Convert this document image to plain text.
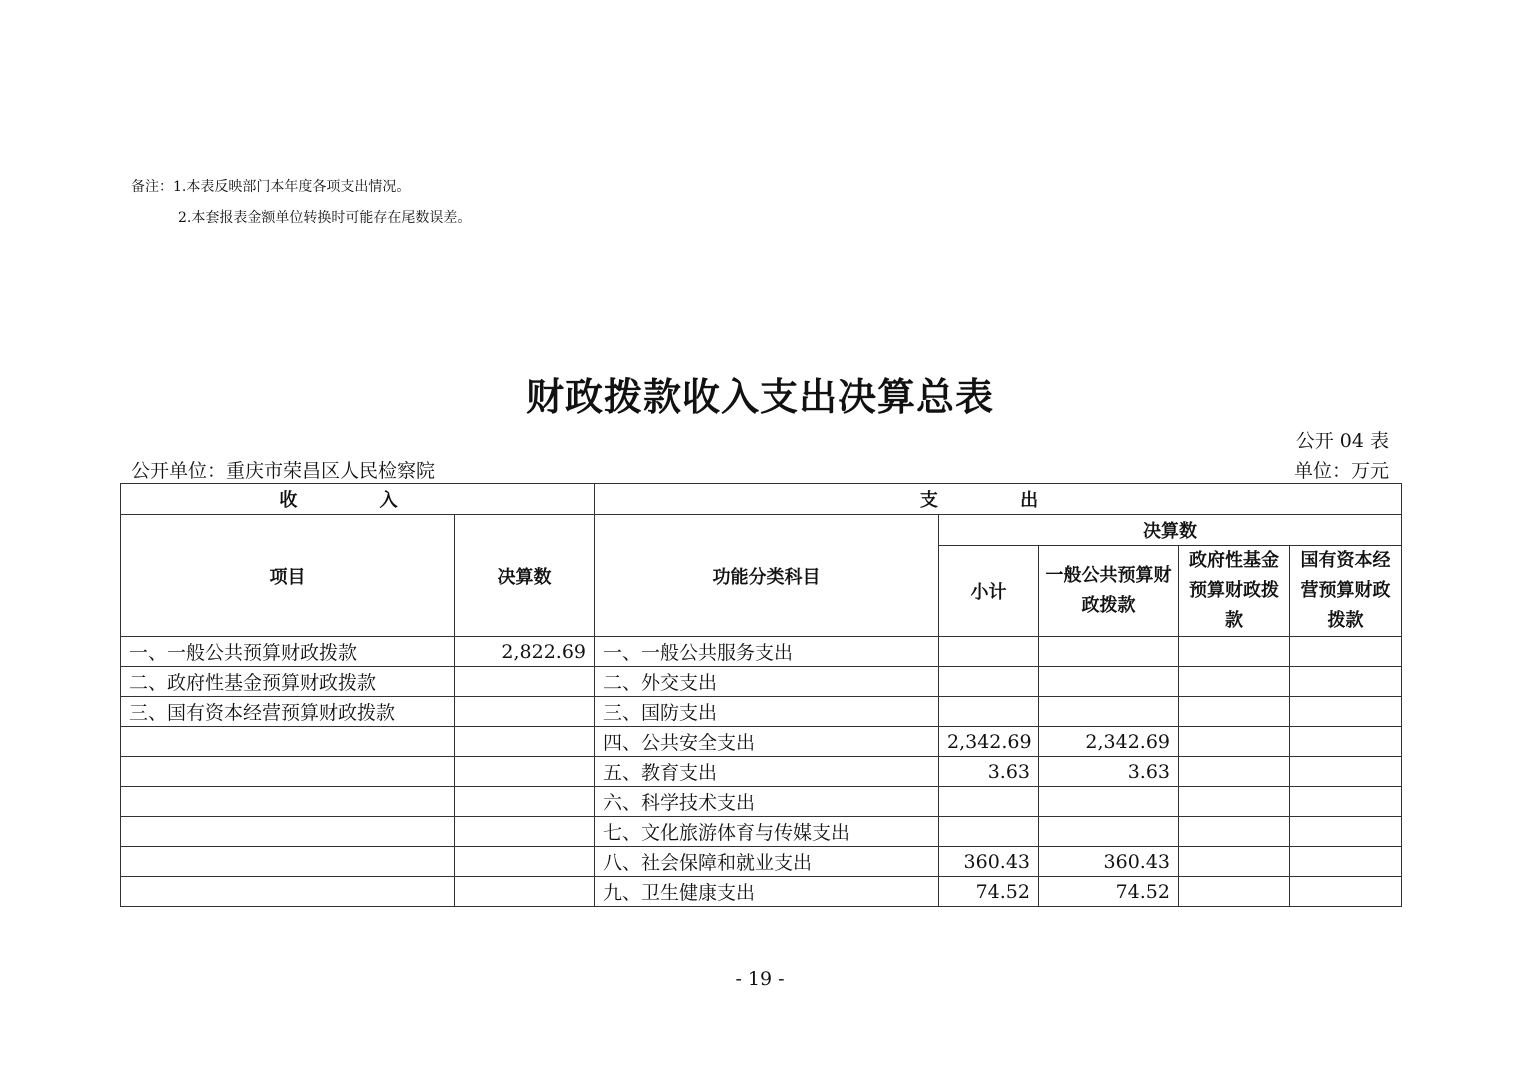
备注：1.本表反映部门本年度各项支出情况。
2.本套报表金额单位转换时可能存在尾数误差。
财政拨款收入支出决算总表
公开 04 表
公开单位：重庆市荣昌区人民检察院	单位：万元
收 入		支 出				
项目	决算数	功能分类科目	决算数			
			小计	一般公共预算财政拨款	政府性基金预算财政拨款	国有资本经营预算财政拨款
一、一般公共预算财政拨款	2,822.69	一、一般公共服务支出				
二、政府性基金预算财政拨款		二、外交支出				
三、国有资本经营预算财政拨款		三、国防支出				
		四、公共安全支出	2,342.69	2,342.69		
		五、教育支出	3.63	3.63		
		六、科学技术支出				
		七、文化旅游体育与传媒支出				
		八、社会保障和就业支出	360.43	360.43		
		九、卫生健康支出	74.52	74.52		
- 19 -
